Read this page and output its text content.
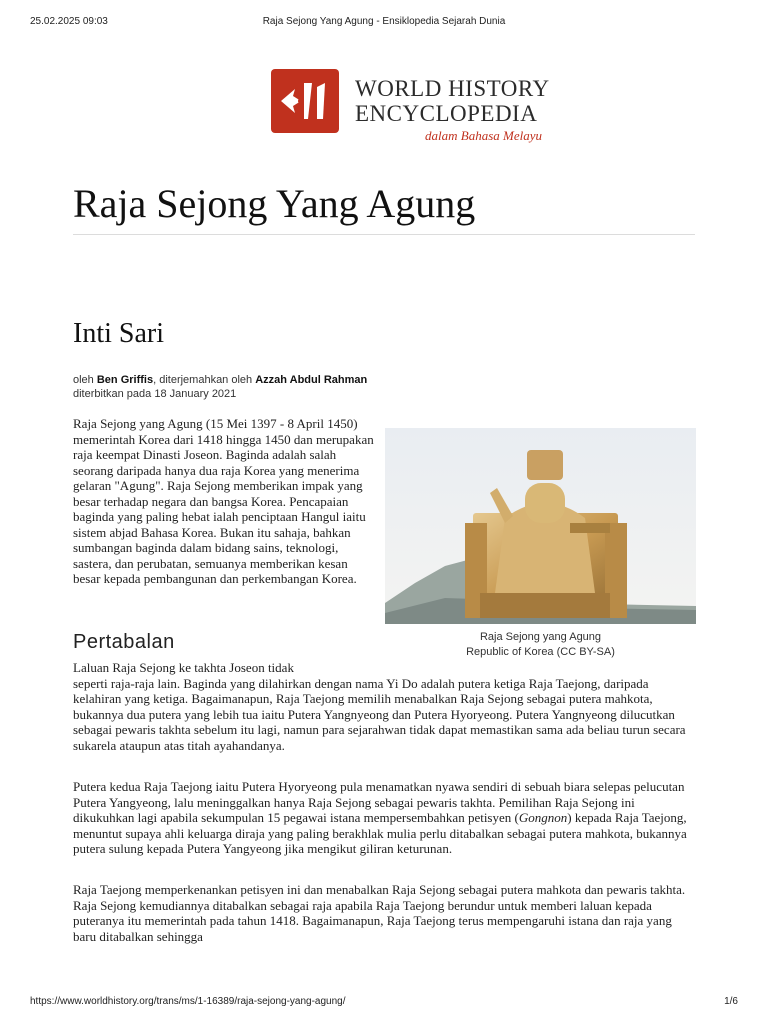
25.02.2025 09:03	Raja Sejong Yang Agung - Ensiklopedia Sejarah Dunia
WORLD HISTORY
ENCYCLOPEDIA
dalam Bahasa Melayu
Raja Sejong Yang Agung
Inti Sari
oleh Ben Griffis, diterjemahkan oleh Azzah Abdul Rahman
diterbitkan pada 18 January 2021

Raja Sejong yang Agung (15 Mei 1397 - 8 April 1450) memerintah Korea dari 1418 hingga 1450 dan merupakan raja keempat Dinasti Joseon. Baginda adalah salah seorang daripada hanya dua raja Korea yang menerima gelaran "Agung". Raja Sejong memberikan impak yang besar terhadap negara dan bangsa Korea. Pencapaian baginda yang paling hebat ialah penciptaan Hangul iaitu sistem abjad Bahasa Korea. Bukan itu sahaja, bahkan sumbangan baginda dalam bidang sains, teknologi, sastera, dan perubatan, semuanya memberikan kesan besar kepada pembangunan dan perkembangan Korea.

Raja Sejong yang Agung
Republic of Korea (CC BY-SA)
Pertabalan

Laluan Raja Sejong ke takhta Joseon tidak
seperti raja-raja lain. Baginda yang dilahirkan dengan nama Yi Do adalah putera ketiga Raja Taejong, daripada kelahiran yang ketiga. Bagaimanapun, Raja Taejong memilih menabalkan Raja Sejong sebagai putera mahkota, bukannya dua putera yang lebih tua iaitu Putera Yangnyeong dan Putera Hyoryeong. Putera Yangnyeong dilucutkan sebagai pewaris takhta sebelum itu lagi, namun para sejarahwan tidak dapat memastikan sama ada beliau turun secara sukarela ataupun atas titah ayahandanya.

Putera kedua Raja Taejong iaitu Putera Hyoryeong pula menamatkan nyawa sendiri di sebuah biara selepas pelucutan Putera Yangyeong, lalu meninggalkan hanya Raja Sejong sebagai pewaris takhta. Pemilihan Raja Sejong ini dikukuhkan lagi apabila sekumpulan 15 pegawai istana mempersembahkan petisyen (Gongnon) kepada Raja Taejong, menuntut supaya ahli keluarga diraja yang paling berakhlak mulia perlu ditabalkan sebagai putera mahkota, bukannya putera sulung kepada Putera Yangyeong jika mengikut giliran keturunan.

Raja Taejong memperkenankan petisyen ini dan menabalkan Raja Sejong sebagai putera mahkota dan pewaris takhta. Raja Sejong kemudiannya ditabalkan sebagai raja apabila Raja Taejong berundur untuk memberi laluan kepada puteranya itu memerintah pada tahun 1418. Bagaimanapun, Raja Taejong terus mempengaruhi istana dan raja yang baru ditabalkan sehingga

https://www.worldhistory.org/trans/ms/1-16389/raja-sejong-yang-agung/	1/6
